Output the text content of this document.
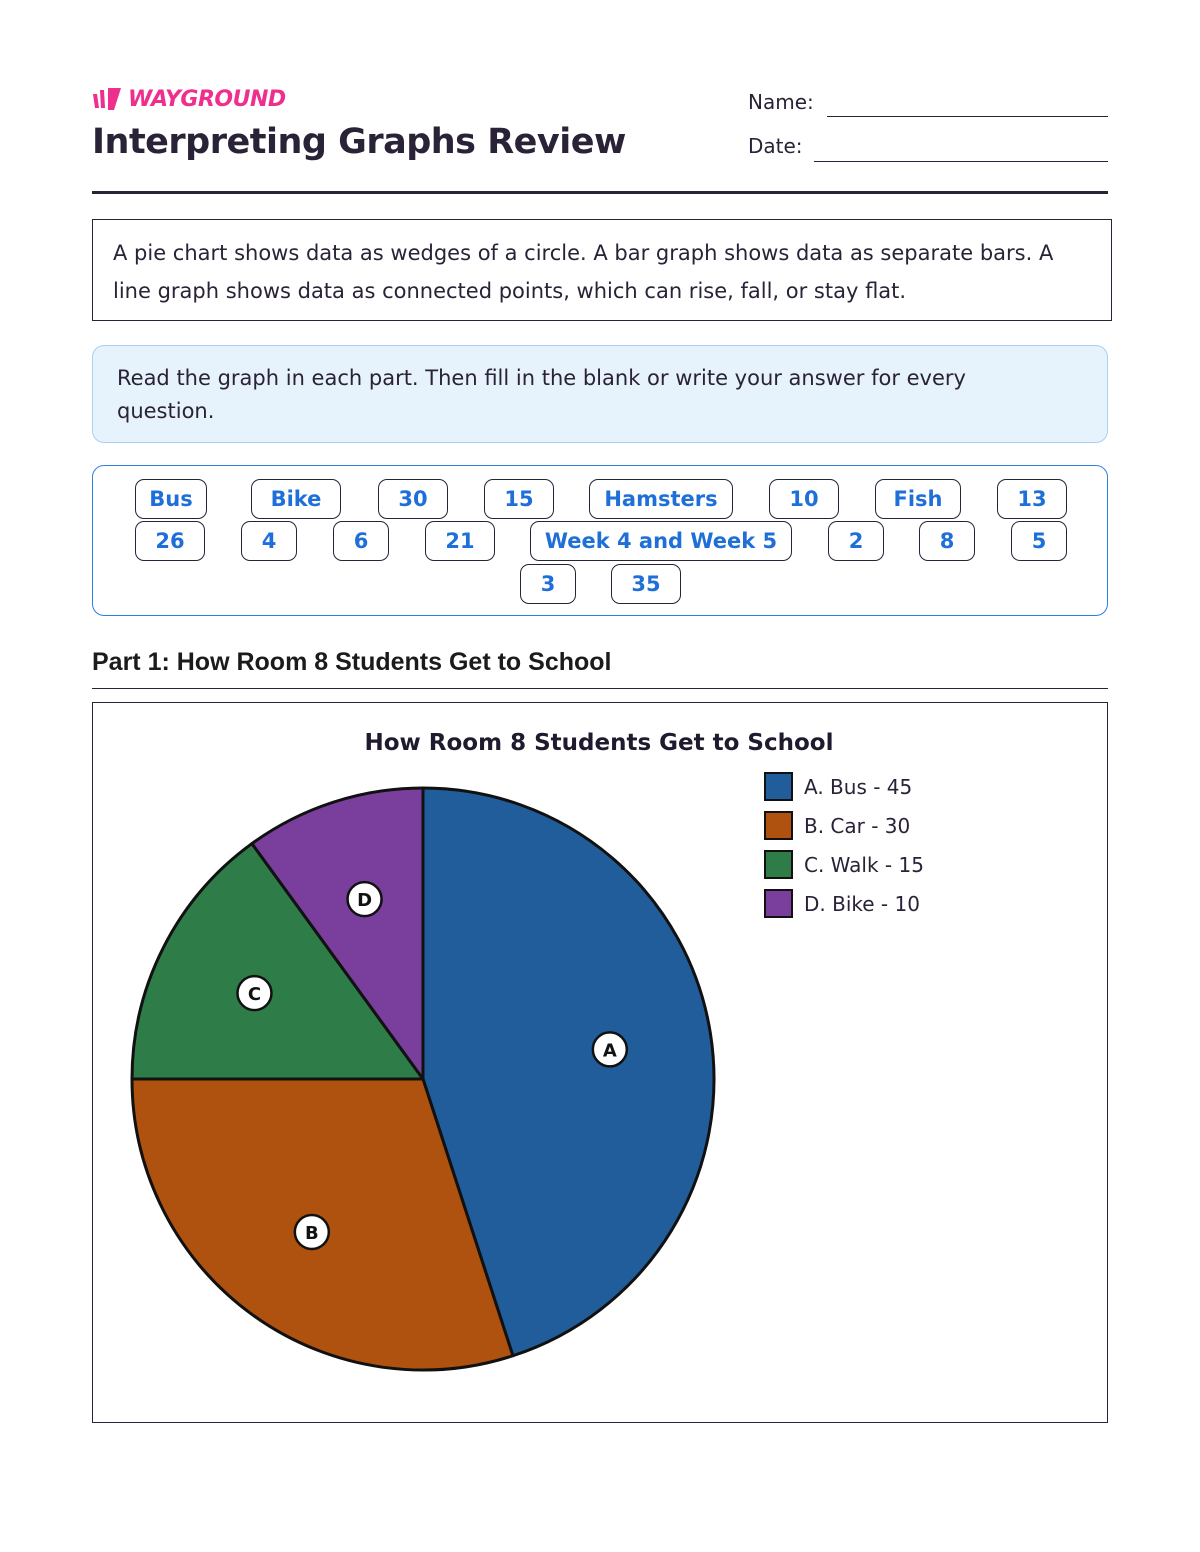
WAYGROUND
Interpreting Graphs Review
Name:
Date:

A pie chart shows data as wedges of a circle. A bar graph shows data as separate bars. A line graph shows data as connected points, which can rise, fall, or stay flat.

Read the graph in each part. Then fill in the blank or write your answer for every question.

Bus	Bike	30	15	Hamsters	10	Fish	13
26	4	6	21	Week 4 and Week 5	2	8	5
3	35
Part 1: How Room 8 Students Get to School
How Room 8 Students Get to School
A
B
C
D
A. Bus - 45
B. Car - 30
C. Walk - 15
D. Bike - 10
